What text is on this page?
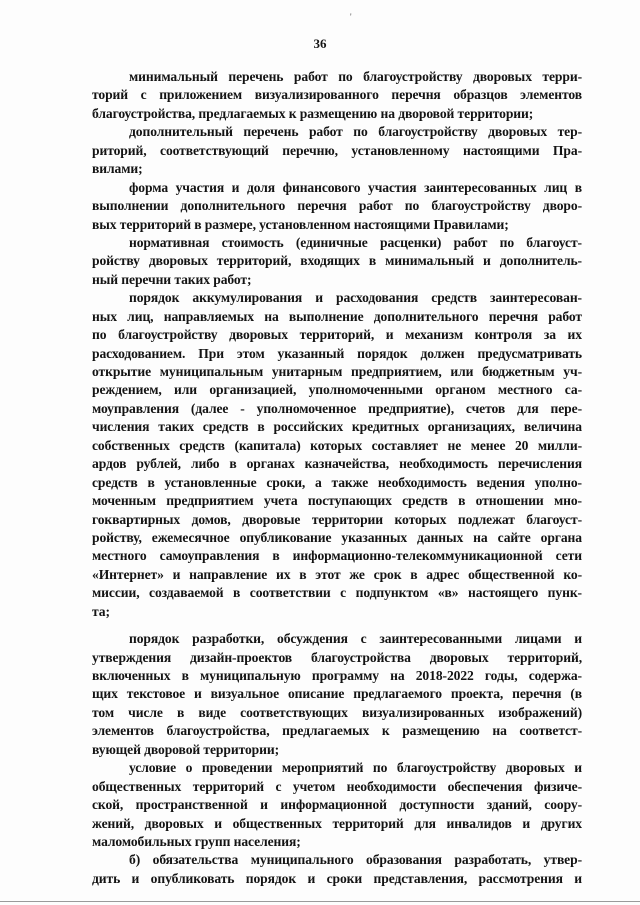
'
36
минимальный перечень работ по благоустройству дворовых терри-
торий с приложением визуализированного перечня образцов элементов
благоустройства, предлагаемых к размещению на дворовой территории;
дополнительный перечень работ по благоустройству дворовых тер-
риторий, соответствующий перечню, установленному настоящими Пра-
вилами;
форма участия и доля финансового участия заинтересованных лиц в
выполнении дополнительного перечня работ по благоустройству дворо-
вых территорий в размере, установленном настоящими Правилами;
нормативная стоимость (единичные расценки) работ по благоуст-
ройству дворовых территорий, входящих в минимальный и дополнитель-
ный перечни таких работ;
порядок аккумулирования и расходования средств заинтересован-
ных лиц, направляемых на выполнение дополнительного перечня работ
по благоустройству дворовых территорий, и механизм контроля за их
расходованием. При этом указанный порядок должен предусматривать
открытие муниципальным унитарным предприятием, или бюджетным уч-
реждением, или организацией, уполномоченными органом местного са-
моуправления (далее - уполномоченное предприятие), счетов для пере-
числения таких средств в российских кредитных организациях, величина
собственных средств (капитала) которых составляет не менее 20 милли-
ардов рублей, либо в органах казначейства, необходимость перечисления
средств в установленные сроки, а также необходимость ведения уполно-
моченным предприятием учета поступающих средств в отношении мно-
гоквартирных домов, дворовые территории которых подлежат благоуст-
ройству, ежемесячное опубликование указанных данных на сайте органа
местного самоуправления в информационно-телекоммуникационной сети
«Интернет» и направление их в этот же срок в адрес общественной ко-
миссии, создаваемой в соответствии с подпунктом «в» настоящего пунк-
та;
порядок разработки, обсуждения с заинтересованными лицами и
утверждения дизайн-проектов благоустройства дворовых территорий,
включенных в муниципальную программу на 2018-2022 годы, содержа-
щих текстовое и визуальное описание предлагаемого проекта, перечня (в
том числе в виде соответствующих визуализированных изображений)
элементов благоустройства, предлагаемых к размещению на соответст-
вующей дворовой территории;
условие о проведении мероприятий по благоустройству дворовых и
общественных территорий с учетом необходимости обеспечения физиче-
ской, пространственной и информационной доступности зданий, соору-
жений, дворовых и общественных территорий для инвалидов и других
маломобильных групп населения;
б) обязательства муниципального образования разработать, утвер-
дить и опубликовать порядок и сроки представления, рассмотрения и
